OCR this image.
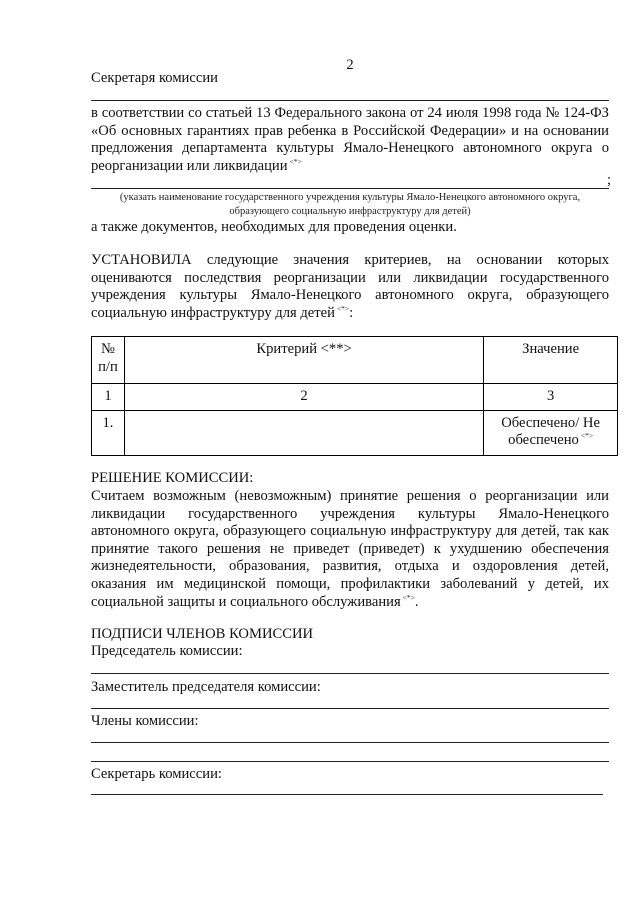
2
Секретаря комиссии
в соответствии со статьей 13 Федерального закона от 24 июля 1998 года № 124-ФЗ «Об основных гарантиях прав ребенка в Российской Федерации» и на основании предложения департамента культуры Ямало-Ненецкого автономного округа о реорганизации или ликвидации <*>
;
(указать наименование государственного учреждения культуры Ямало-Ненецкого автономного округа, образующего социальную инфраструктуру для детей)
а также документов, необходимых для проведения оценки.
УСТАНОВИЛА следующие значения критериев, на основании которых оцениваются последствия реорганизации или ликвидации государственного учреждения культуры Ямало-Ненецкого автономного округа, образующего социальную инфраструктуру для детей <*>:
№ п/п	Критерий <**>	Значение
1	2	3
1.		Обеспечено/ Не обеспечено <*>
РЕШЕНИЕ КОМИССИИ:
Считаем возможным (невозможным) принятие решения о реорганизации или ликвидации государственного учреждения культуры Ямало-Ненецкого автономного округа, образующего социальную инфраструктуру для детей, так как принятие такого решения не приведет (приведет) к ухудшению обеспечения жизнедеятельности, образования, развития, отдыха и оздоровления детей, оказания им медицинской помощи, профилактики заболеваний у детей, их социальной защиты и социального обслуживания <*>.
ПОДПИСИ ЧЛЕНОВ КОМИССИИ
Председатель комиссии:
Заместитель председателя комиссии:
Члены комиссии:
Секретарь комиссии:
